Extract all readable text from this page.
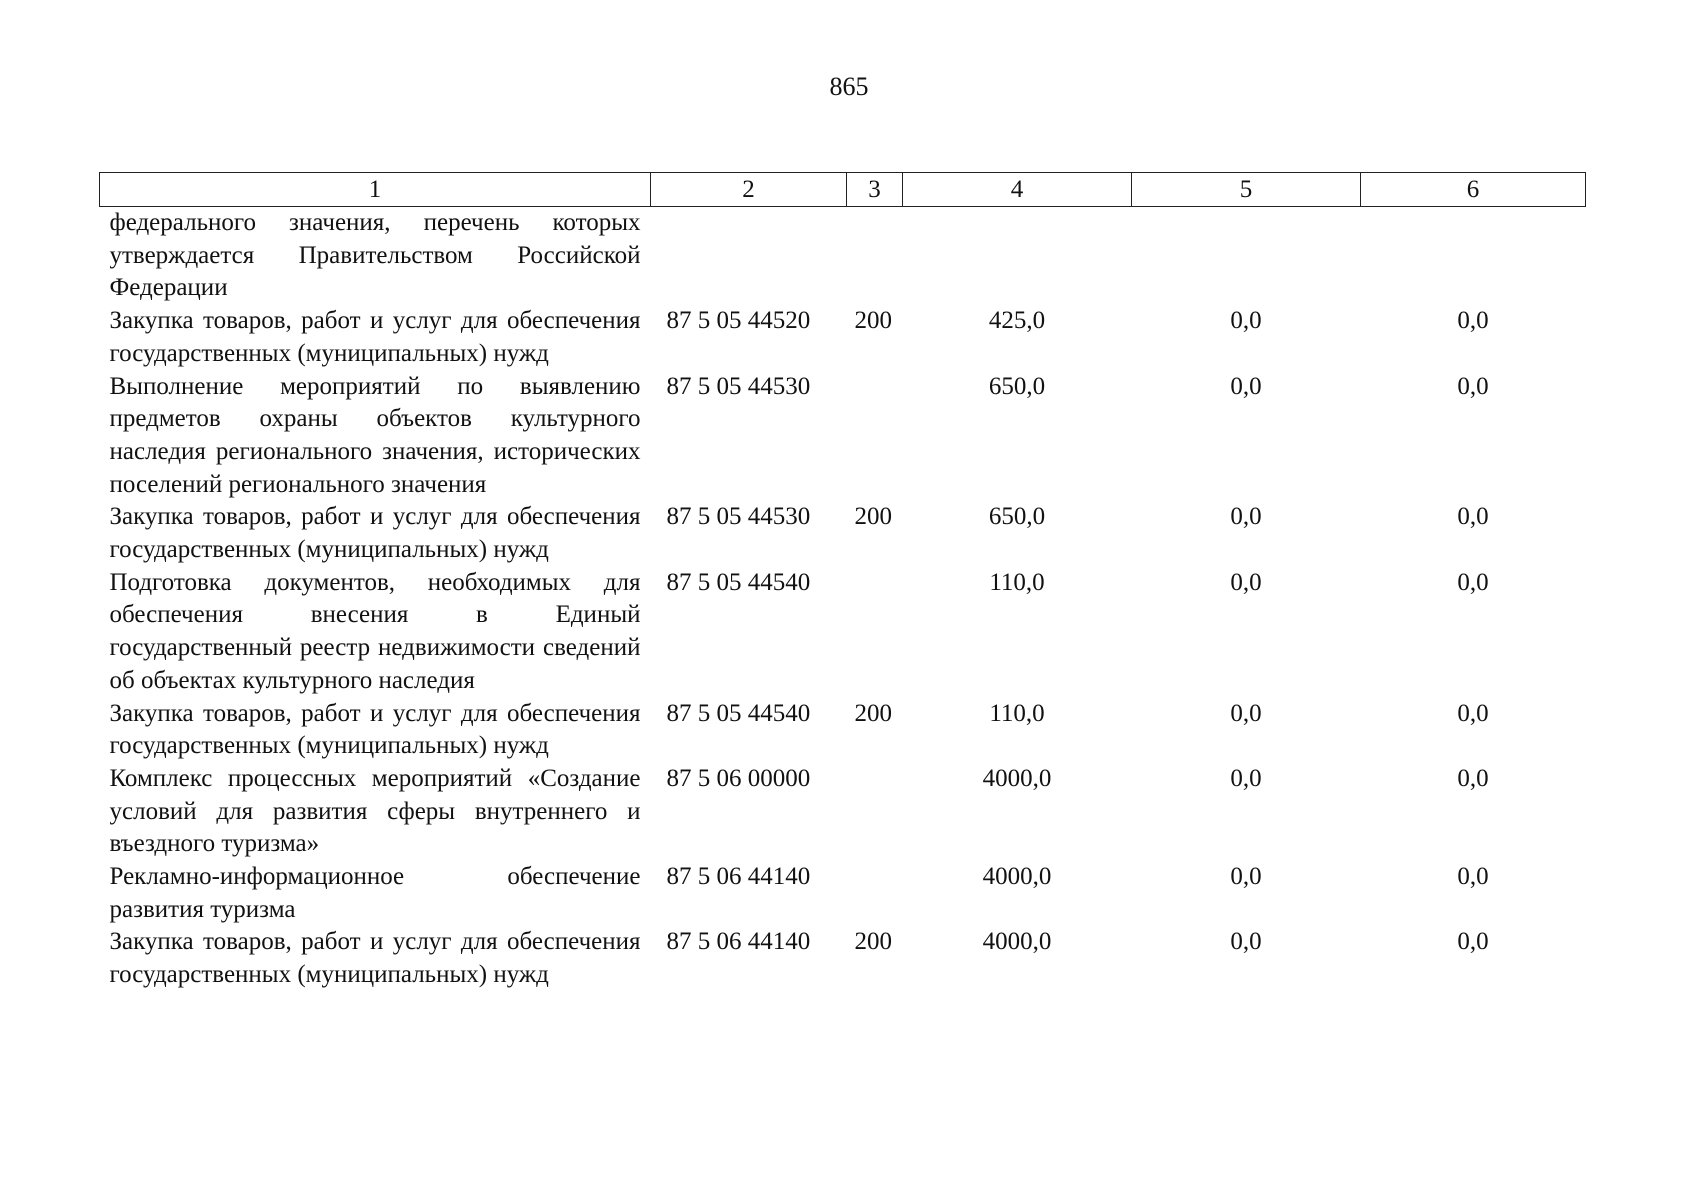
865
1	2	3	4	5	6
федерального значения, перечень которых утверждается Правительством Российской Федерации					
Закупка товаров, работ и услуг для обеспечения государственных (муниципальных) нужд	87 5 05 44520	200	425,0	0,0	0,0
Выполнение мероприятий по выявлению предметов охраны объектов культурного наследия регионального значения, исторических поселений регионального значения	87 5 05 44530		650,0	0,0	0,0
Закупка товаров, работ и услуг для обеспечения государственных (муниципальных) нужд	87 5 05 44530	200	650,0	0,0	0,0
Подготовка документов, необходимых для обеспечения внесения в Единый государственный реестр недвижимости сведений об объектах культурного наследия	87 5 05 44540		110,0	0,0	0,0
Закупка товаров, работ и услуг для обеспечения государственных (муниципальных) нужд	87 5 05 44540	200	110,0	0,0	0,0
Комплекс процессных мероприятий «Создание условий для развития сферы внутреннего и въездного туризма»	87 5 06 00000		4000,0	0,0	0,0
Рекламно-информационное обеспечение развития туризма	87 5 06 44140		4000,0	0,0	0,0
Закупка товаров, работ и услуг для обеспечения государственных (муниципальных) нужд	87 5 06 44140	200	4000,0	0,0	0,0
